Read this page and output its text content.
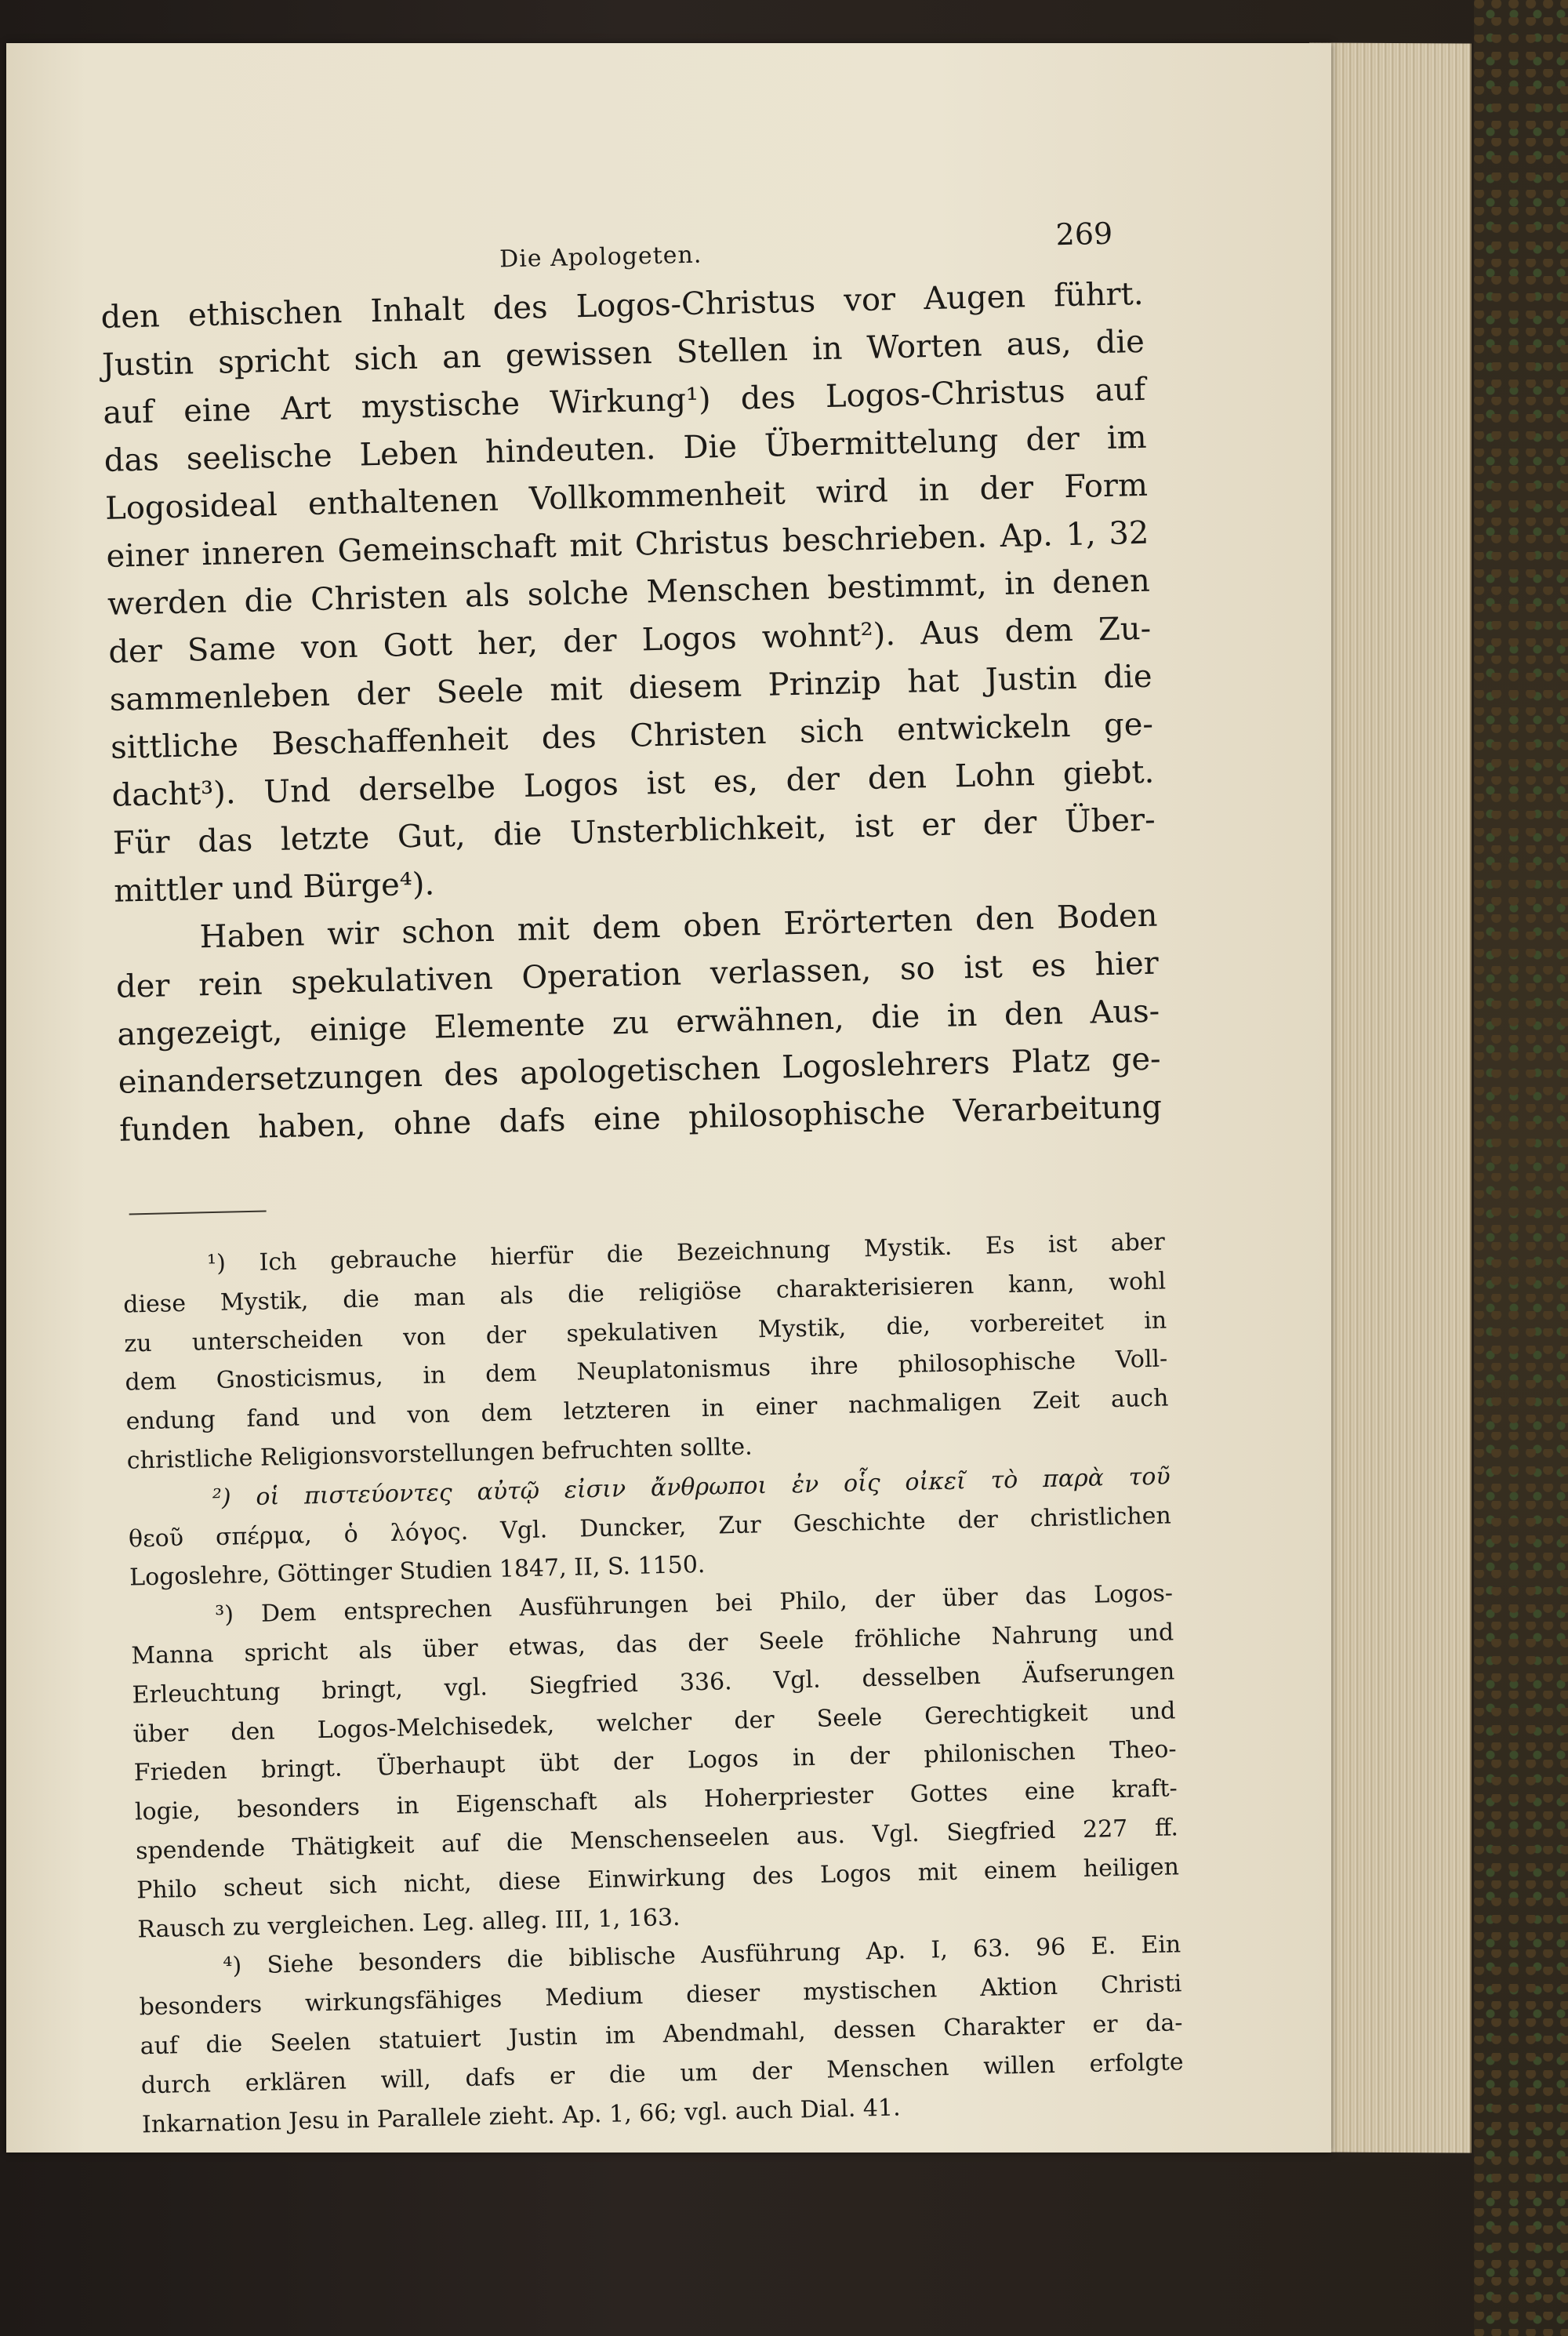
Die Apologeten.
269
den ethischen Inhalt des Logos-Christus vor Augen führt.
Justin spricht sich an gewissen Stellen in Worten aus, die
auf eine Art mystische Wirkung¹) des Logos-Christus auf
das seelische Leben hindeuten. Die Übermittelung der im
Logosideal enthaltenen Vollkommenheit wird in der Form
einer inneren Gemeinschaft mit Christus beschrieben. Ap. 1, 32
werden die Christen als solche Menschen bestimmt, in denen
der Same von Gott her, der Logos wohnt²). Aus dem Zu-
sammenleben der Seele mit diesem Prinzip hat Justin die
sittliche Beschaffenheit des Christen sich entwickeln ge-
dacht³). Und derselbe Logos ist es, der den Lohn giebt.
Für das letzte Gut, die Unsterblichkeit, ist er der Über-
mittler und Bürge⁴).
Haben wir schon mit dem oben Erörterten den Boden
der rein spekulativen Operation verlassen, so ist es hier
angezeigt, einige Elemente zu erwähnen, die in den Aus-
einandersetzungen des apologetischen Logoslehrers Platz ge-
funden haben, ohne dafs eine philosophische Verarbeitung
¹) Ich gebrauche hierfür die Bezeichnung Mystik. Es ist aber
diese Mystik, die man als die religiöse charakterisieren kann, wohl
zu unterscheiden von der spekulativen Mystik, die, vorbereitet in
dem Gnosticismus, in dem Neuplatonismus ihre philosophische Voll-
endung fand und von dem letzteren in einer nachmaligen Zeit auch
christliche Religionsvorstellungen befruchten sollte.
²) οἱ πιστεύοντες αὐτῷ εἰσιν ἄνθρωποι ἐν οἷς οἰκεῖ τὸ παρὰ τοῦ
θεοῦ σπέρμα, ὁ λόγος. Vgl. Duncker, Zur Geschichte der christlichen
Logoslehre, Göttinger Studien 1847, II, S. 1150.
³) Dem entsprechen Ausführungen bei Philo, der über das Logos-
Manna spricht als über etwas, das der Seele fröhliche Nahrung und
Erleuchtung bringt, vgl. Siegfried 336. Vgl. desselben Äufserungen
über den Logos-Melchisedek, welcher der Seele Gerechtigkeit und
Frieden bringt. Überhaupt übt der Logos in der philonischen Theo-
logie, besonders in Eigenschaft als Hoherpriester Gottes eine kraft-
spendende Thätigkeit auf die Menschenseelen aus. Vgl. Siegfried 227 ff.
Philo scheut sich nicht, diese Einwirkung des Logos mit einem heiligen
Rausch zu vergleichen. Leg. alleg. III, 1, 163.
⁴) Siehe besonders die biblische Ausführung Ap. I, 63. 96 E. Ein
besonders wirkungsfähiges Medium dieser mystischen Aktion Christi
auf die Seelen statuiert Justin im Abendmahl, dessen Charakter er da-
durch erklären will, dafs er die um der Menschen willen erfolgte
Inkarnation Jesu in Parallele zieht. Ap. 1, 66; vgl. auch Dial. 41.
